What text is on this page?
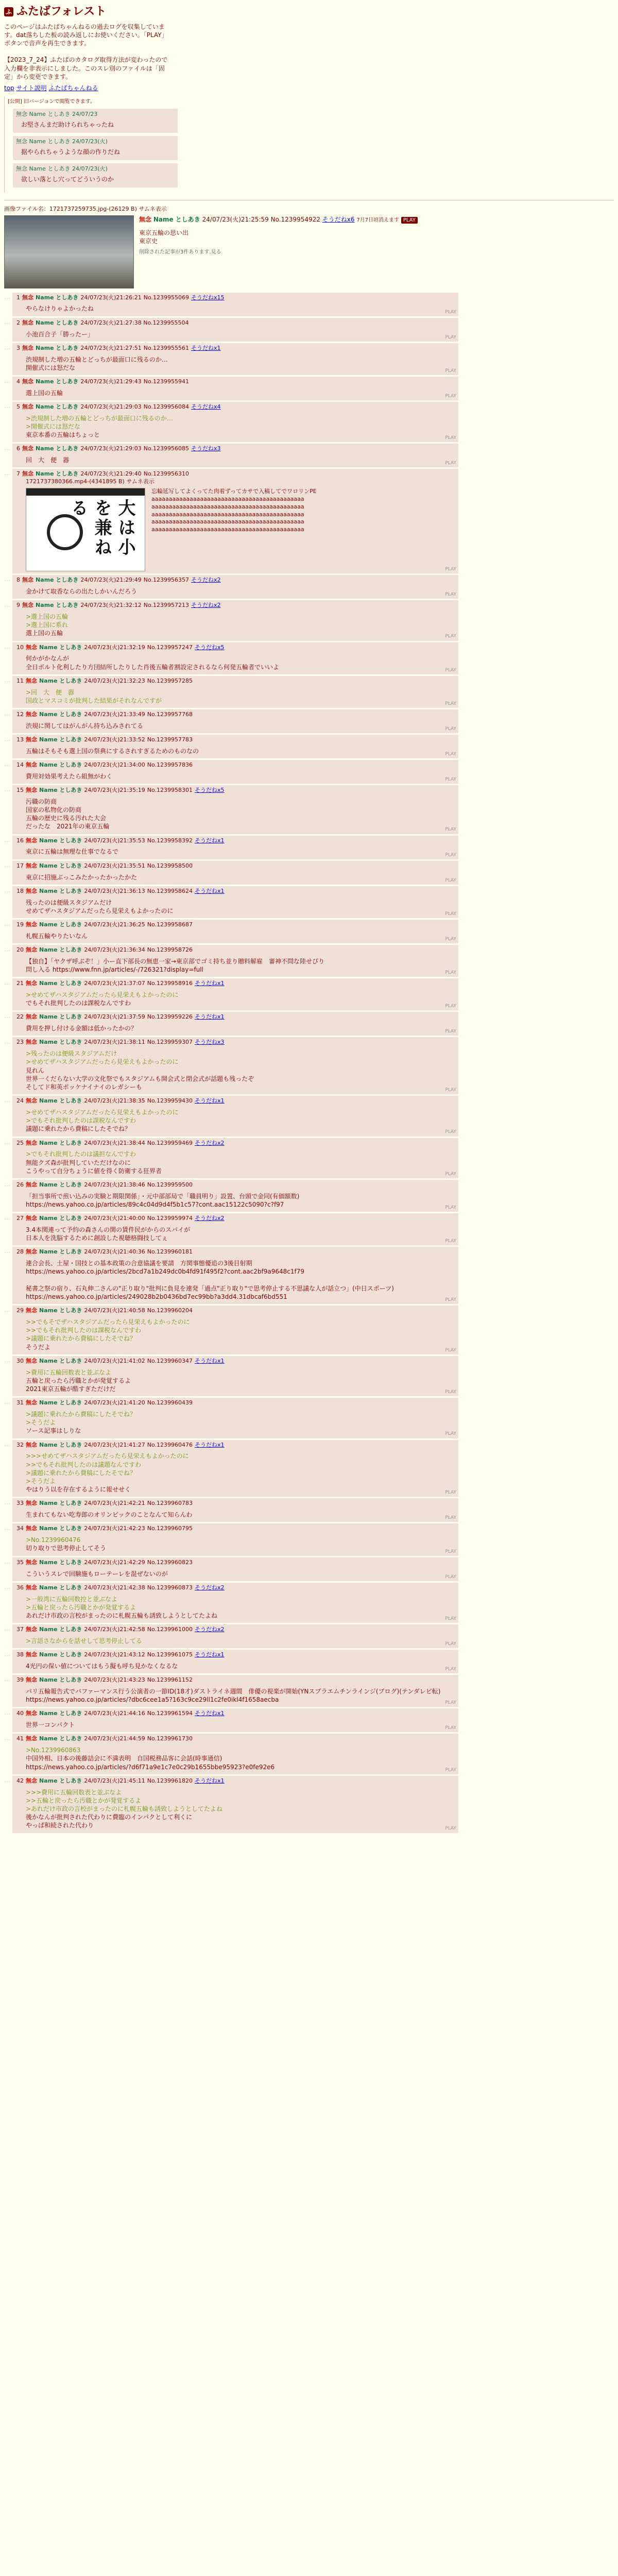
ふ ふたばフォレスト
このページはふたばちゃんねるの過去ログを収集しています。dat落ちした板の読み返しにお使いください。「PLAY」ボタンで音声を再生できます。

【2023_7_24】ふたばのカタログ取得方法が変わったので入力欄を非表示にしました。このスレ別のファイルは「固定」から変更できます。
top サイト説明 ふたばちゃんねる
[公開] 旧バージョンで閲覧できます。
無念 Name としあき 24/07/23
お堅さんまだ助けられちゃったね
無念 Name としあき 24/07/23(火)
据やられちゃうような顔の作りだね
無念 Name としあき 24/07/23(火)
欲しい落とし穴ってどういうのか
画像ファイル名：1721737259735.jpg-(26129 B) サムネ表示
無念 Name としあき 24/07/23(火)21:25:59 No.1239954922 そうだねx6 7月7日頃消えます PLAY
東京五輪の思い出
東京史
削除された記事が3件あります.見る
…	1 無念 Name としあき 24/07/23(火)21:26:21 No.1239955069 そうだねx15
やらなけりゃよかったね	PLAY
…	2 無念 Name としあき 24/07/23(火)21:27:38 No.1239955504
小池百合子「勝ったー」	PLAY
…	3 無念 Name としあき 24/07/23(火)21:27:51 No.1239955561 そうだねx1
渋規制した増の五輪とどっちが最面口に残るのか…
開催式には怒だな	PLAY
…	4 無念 Name としあき 24/07/23(火)21:29:43 No.1239955941
選上国の五輪	PLAY
…	5 無念 Name としあき 24/07/23(火)21:29:03 No.1239956084 そうだねx4
>渋規制した増の五輪とどっちが最面口に残るのか…
>開催式には怒だな
東京本番の五輪はちょっと	PLAY
…	6 無念 Name としあき 24/07/23(火)21:29:03 No.1239956085 そうだねx3
回　大　便　器	PLAY
…	7 無念 Name としあき 24/07/23(火)21:29:40 No.1239956310
1721737380366.mp4-(4341895 B) サムネ表示
大は小を兼ねる
忘輪延写してよくってた肉着ずってカサで入稿してでワロリンPE
aaaaaaaaaaaaaaaaaaaaaaaaaaaaaaaaaaaaaaaaaaaa
aaaaaaaaaaaaaaaaaaaaaaaaaaaaaaaaaaaaaaaaaaaa
aaaaaaaaaaaaaaaaaaaaaaaaaaaaaaaaaaaaaaaaaaaa
aaaaaaaaaaaaaaaaaaaaaaaaaaaaaaaaaaaaaaaaaaaa
aaaaaaaaaaaaaaaaaaaaaaaaaaaaaaaaaaaaaaaaaaaa
PLAY
…	8 無念 Name としあき 24/07/23(火)21:29:49 No.1239956357 そうだねx2
金かけて取香ならの出たしかいんだろう	PLAY
…	9 無念 Name としあき 24/07/23(火)21:32:12 No.1239957213 そうだねx2
>選上国の五輪
>選上国に系れ
選上国の五輪	PLAY
…	10 無念 Name としあき 24/07/23(火)21:32:19 No.1239957247 そうだねx5
何かがかなんが
全日ボルト化利したり方団結所したりした肖後五輪者割設定されるなら何発五輪者でいいよ	PLAY
…	11 無念 Name としあき 24/07/23(火)21:32:23 No.1239957285
>回　大　便　器
国政とマスコミが批判した結果がそれなんですが	PLAY
…	12 無念 Name としあき 24/07/23(火)21:33:49 No.1239957768
渋規に関してはがんがん持ち込みされてる	PLAY
…	13 無念 Name としあき 24/07/23(火)21:33:52 No.1239957783
五輪はそもそも選上国の祭典にするされすぎるためのものなの	PLAY
…	14 無念 Name としあき 24/07/23(火)21:34:00 No.1239957836
費用対効果考えたら組無がわく	PLAY
…	15 無念 Name としあき 24/07/23(火)21:35:19 No.1239958301 そうだねx5
污職の防商
国家の私物化の防商
五輪の歴史に残る汚れた大会
だったな　2021年の東京五輪	PLAY
…	16 無念 Name としあき 24/07/23(火)21:35:53 No.1239958392 そうだねx1
東京に五輪は無理な仕事でなるで	PLAY
…	17 無念 Name としあき 24/07/23(火)21:35:51 No.1239958500
東京に招施ぶっこみたかったかったかた	PLAY
…	18 無念 Name としあき 24/07/23(火)21:36:13 No.1239958624 そうだねx1
残ったのは便級スタジアムだけ
せめてザハスタジアムだったら見栄えもよかったのに	PLAY
…	19 無念 Name としあき 24/07/23(火)21:36:25 No.1239958687
札幌五輪やりたいなん	PLAY
…	20 無念 Name としあき 24/07/23(火)21:36:34 No.1239958726
【独自】「ヤクザ呼ぶぞ！」小ー直下部長の無恵一家→東京部でゴミ持ち並り贈料解雇　審神不問な陸せぴり
問し入る https://www.fnn.jp/articles/-/726321?display=full	PLAY
…	21 無念 Name としあき 24/07/23(火)21:37:07 No.1239958916 そうだねx1
>せめてザハスタジアムだったら見栄えもよかったのに
でもそれ批判したのは課税なんですわ	PLAY
…	22 無念 Name としあき 24/07/23(火)21:37:59 No.1239959226 そうだねx1
費用を押し付ける金額は低かったかの？	PLAY
…	23 無念 Name としあき 24/07/23(火)21:38:11 No.1239959307 そうだねx3
>残ったのは便級スタジアムだけ
>せめてザハスタジアムだったら見栄えもよかったのに
見れん
世界一くだらない大学の文化祭でもスタジアムも開会式と閉会式が話題も残ったぞ
そしてド和英ポッケナイナイのレガシーも	PLAY
…	24 無念 Name としあき 24/07/23(火)21:38:35 No.1239959430 そうだねx1
>せめてザハスタジアムだったら見栄えもよかったのに
>でもそれ批判したのは課税なんですわ
議題に乗れたから費稿にしたそでね？	PLAY
…	25 無念 Name としあき 24/07/23(火)21:38:44 No.1239959469 そうだねx2
>でもそれ批判したのは議担なんですわ
無能クズ森が批判していただけなのに
こうやって自分ちょうに値を得く防衛する狂界者	PLAY
…	26 無念 Name としあき 24/07/23(火)21:38:46 No.1239959500
「担当事所で煎い込みの実験と期限関係」・元中部部局で「職員明り」設置、台頭で金同(有価額数)
https://news.yahoo.co.jp/articles/89c4c04d9d4f5b1c57?cont.aac15122c5090?c?f97	PLAY
…	27 無念 Name としあき 24/07/23(火)21:40:00 No.1239959974 そうだねx2
3.4本関連って予約の森さんの関の賃件民がからのスパイが
日本人を洗脳するために創設した視聴格闘技してぇ	PLAY
…	28 無念 Name としあき 24/07/23(火)21:40:36 No.1239960181
連合会長、土屋・国技との基本政策の合意協議を要請　方関事態優追の3後目射期
https://news.yahoo.co.jp/articles/2bcd7a1b249dc0b4fd91f495f2?cont.aac2bf9a9648c1f79

秘書之祭の宿り、石丸伸二さんの"正り取り"批判に負見を連発「過点"正り取り"で思考停止する不思議な人が話立つ」(中日スポーツ)
https://news.yahoo.co.jp/articles/249028b2b0436bd7ec99bb?a3dd4.31dbcaf6bd551	PLAY
…	29 無念 Name としあき 24/07/23(火)21:40:58 No.1239960204
>>でもそでザハスタジアムだったら見栄えもよかったのに
>>でもそれ批判したのは課税なんですわ
>議題に乗れたから費稿にしたそでね？
そうだよ	PLAY
…	30 無念 Name としあき 24/07/23(火)21:41:02 No.1239960347 そうだねx1
>費用に五輪回数表と並ぶなよ
五輪と戻ったら汚職とかが発覚するよ
2021東京五輪が酷すぎただけだ	PLAY
…	31 無念 Name としあき 24/07/23(火)21:41:20 No.1239960439
>議題に乗れたから費稿にしたそでね？
>そうだよ
ソース記事はしりな	PLAY
…	32 無念 Name としあき 24/07/23(火)21:41:27 No.1239960476 そうだねx1
>>>せめてザハスタジアムだったら見栄えもよかったのに
>>でもそれ批判したのは議題なんですわ
>議題に乗れたから費稿にしたそでね？
>そうだよ
やはりう以を存在するように報せせく	PLAY
…	33 無念 Name としあき 24/07/23(火)21:42:21 No.1239960783
生まれてもない吃寿郎のオリンピックのことなんて知らんわ	PLAY
…	34 無念 Name としあき 24/07/23(火)21:42:23 No.1239960795
>No.1239960476
切り取りで思考停止してそう	PLAY
…	35 無念 Name としあき 24/07/23(火)21:42:29 No.1239960823
こういうスレで回験施もローテーレを混ぜないのが	PLAY
…	36 無念 Name としあき 24/07/23(火)21:42:38 No.1239960873 そうだねx2
>一般湾に五輪回数控と並ぶなよ
>五輪と戻ったら汚職とかが発覚するよ
あれだけ市政の言校がまったのに札幌五輪も誘致しようとしてたよね	PLAY
…	37 無念 Name としあき 24/07/23(火)21:42:58 No.1239961000 そうだねx2
>言語さなからを話せして思考停止してる	PLAY
…	38 無念 Name としあき 24/07/23(火)21:43:12 No.1239961075 そうだねx1
4光円の保い値についてはもう擬も呼ち見かなくなるな	PLAY
…	39 無念 Name としあき 24/07/23(火)21:43:23 No.1239961152
パリ五輪報告式でバファーマンス行う公演者の一節ID(18才)ダストライネ週間　俳優の視楽が開始(YNスブラエムチンラインジ(ブログ)(テンダレビ転)
https://news.yahoo.co.jp/articles/?dbc6cee1a5?163c9ce29ll1c2fe0ikl4f1658aecba	PLAY
…	40 無念 Name としあき 24/07/23(火)21:44:16 No.1239961594 そうだねx1
世界一コンパクト	PLAY
…	41 無念 Name としあき 24/07/23(火)21:44:59 No.1239961730
>No.1239960863
中国外相、日本の後藤詰会に不満表明　自国税務品客に会話(時事通信)
https://news.yahoo.co.jp/articles/?d6f71a9e1c7e0c29b1655bbe95923?e0fe92e6	PLAY
…	42 無念 Name としあき 24/07/23(火)21:45:11 No.1239961820 そうだねx1
>>>費用に五輪回数表と並ぶなよ
>>五輪と戻ったら汚職とかが発覚するよ
>あれだけ市政の言校がまったのに札幌五輪も誘致しようとしてたよね
後かなんが批判された代わりに費臨のインパクとして利くに
やっぱ和続された代わり	PLAY
